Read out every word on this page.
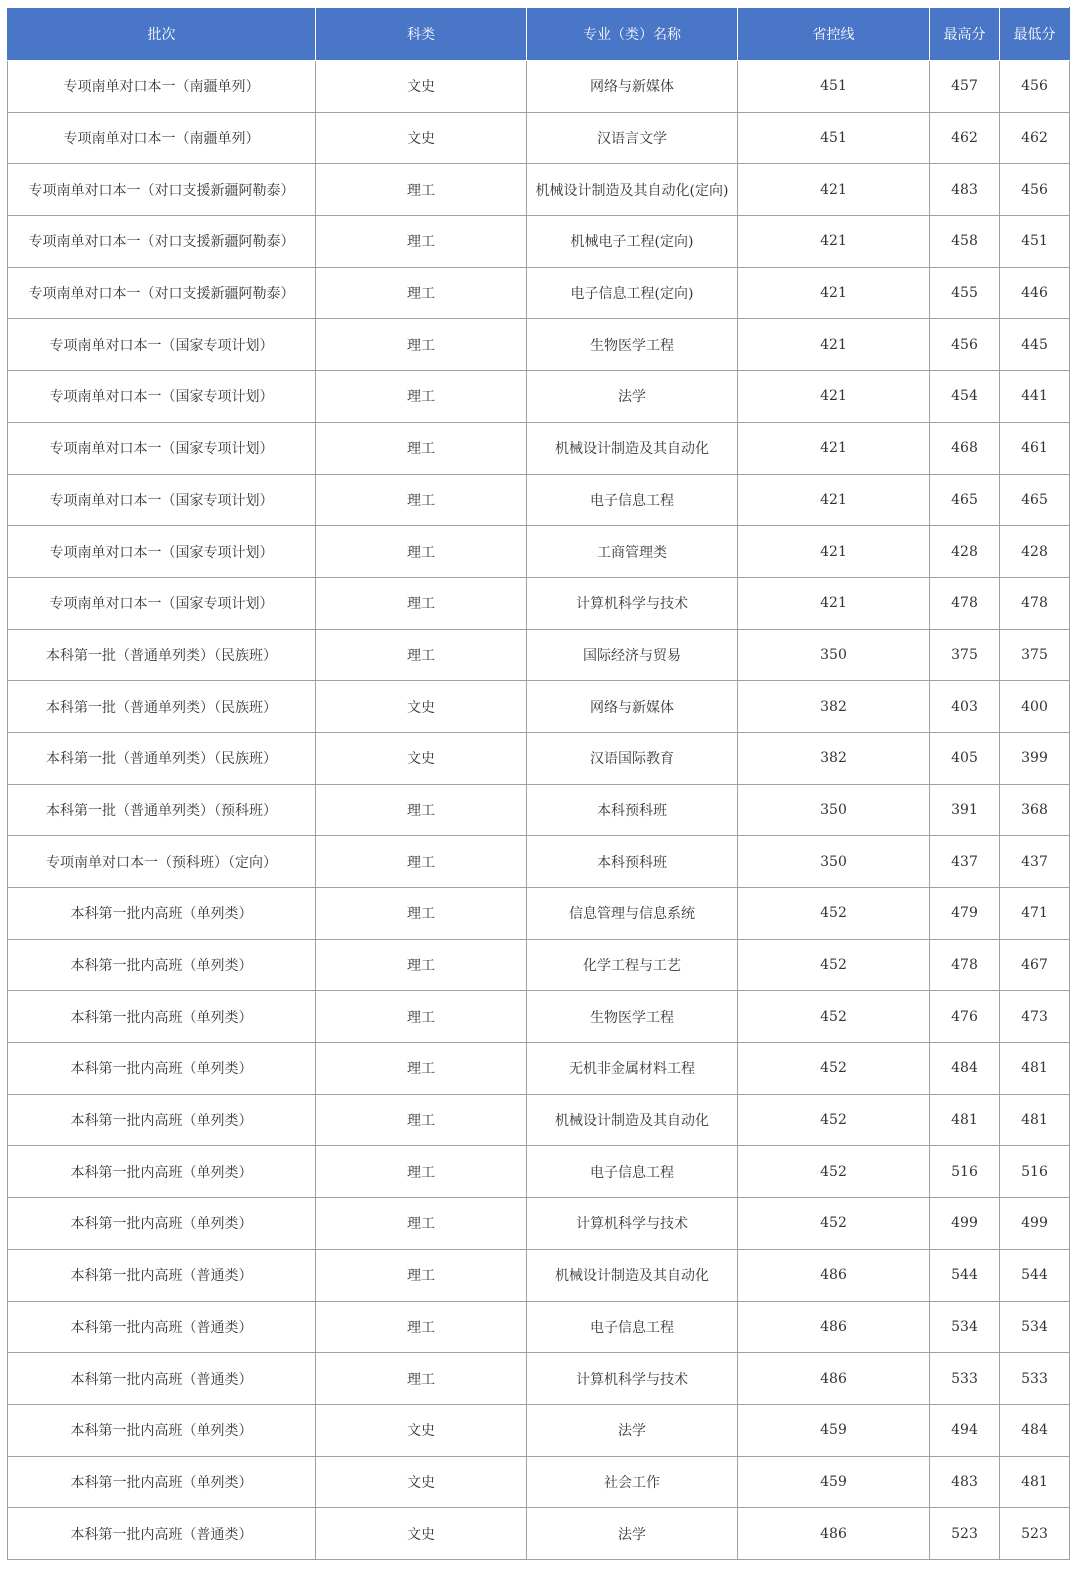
批次	科类	专业（类）名称	省控线	最高分	最低分
专项南单对口本一（南疆单列）	文史	网络与新媒体	451	457	456
专项南单对口本一（南疆单列）	文史	汉语言文学	451	462	462
专项南单对口本一（对口支援新疆阿勒泰）	理工	机械设计制造及其自动化(定向)	421	483	456
专项南单对口本一（对口支援新疆阿勒泰）	理工	机械电子工程(定向)	421	458	451
专项南单对口本一（对口支援新疆阿勒泰）	理工	电子信息工程(定向)	421	455	446
专项南单对口本一（国家专项计划）	理工	生物医学工程	421	456	445
专项南单对口本一（国家专项计划）	理工	法学	421	454	441
专项南单对口本一（国家专项计划）	理工	机械设计制造及其自动化	421	468	461
专项南单对口本一（国家专项计划）	理工	电子信息工程	421	465	465
专项南单对口本一（国家专项计划）	理工	工商管理类	421	428	428
专项南单对口本一（国家专项计划）	理工	计算机科学与技术	421	478	478
本科第一批（普通单列类）（民族班）	理工	国际经济与贸易	350	375	375
本科第一批（普通单列类）（民族班）	文史	网络与新媒体	382	403	400
本科第一批（普通单列类）（民族班）	文史	汉语国际教育	382	405	399
本科第一批（普通单列类）（预科班）	理工	本科预科班	350	391	368
专项南单对口本一（预科班）（定向）	理工	本科预科班	350	437	437
本科第一批内高班（单列类）	理工	信息管理与信息系统	452	479	471
本科第一批内高班（单列类）	理工	化学工程与工艺	452	478	467
本科第一批内高班（单列类）	理工	生物医学工程	452	476	473
本科第一批内高班（单列类）	理工	无机非金属材料工程	452	484	481
本科第一批内高班（单列类）	理工	机械设计制造及其自动化	452	481	481
本科第一批内高班（单列类）	理工	电子信息工程	452	516	516
本科第一批内高班（单列类）	理工	计算机科学与技术	452	499	499
本科第一批内高班（普通类）	理工	机械设计制造及其自动化	486	544	544
本科第一批内高班（普通类）	理工	电子信息工程	486	534	534
本科第一批内高班（普通类）	理工	计算机科学与技术	486	533	533
本科第一批内高班（单列类）	文史	法学	459	494	484
本科第一批内高班（单列类）	文史	社会工作	459	483	481
本科第一批内高班（普通类）	文史	法学	486	523	523
